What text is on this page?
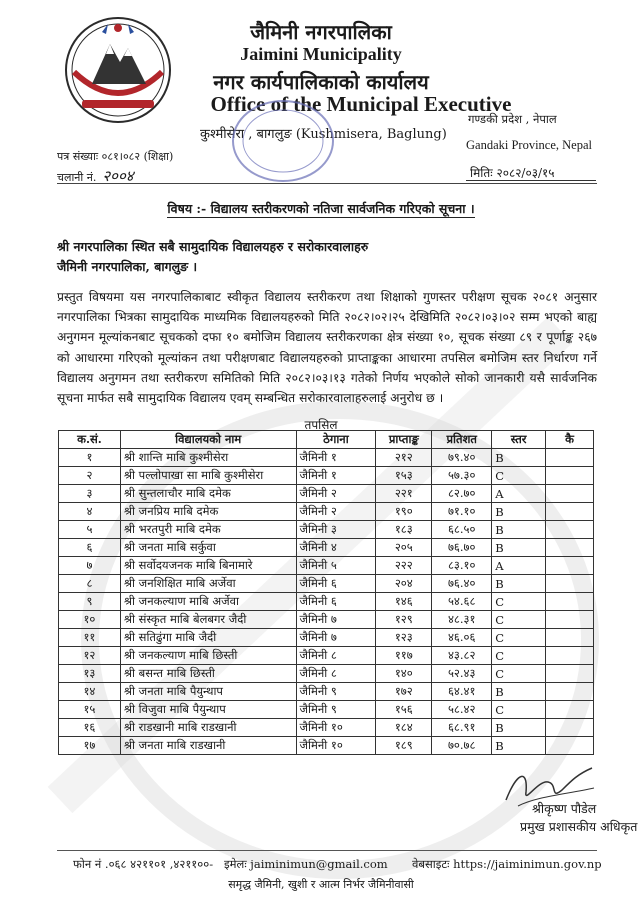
जैमिनी नगरपालिका
Jaimini Municipality
नगर कार्यपालिकाको कार्यालय
Office of the Municipal Executive
कुश्मीसेरा , बागलुङ (Kushmisera, Baglung)
गण्डकी प्रदेश , नेपाल
Gandaki Province, Nepal
पत्र संख्याः ०८१।०८२ (शिक्षा)
चलानी नं. २००४	मितिः २०८२/०३/१५
विषय :- विद्यालय स्तरीकरणको नतिजा सार्वजनिक गरिएको सूचना ।
श्री नगरपालिका स्थित सबै सामुदायिक विद्यालयहरु र सरोकारवालाहरु
जैमिनी नगरपालिका, बागलुङ ।
प्रस्तुत विषयमा यस नगरपालिकाबाट स्वीकृत विद्यालय स्तरीकरण तथा शिक्षाको गुणस्तर परीक्षण सूचक २०८१ अनुसार नगरपालिका भित्रका सामुदायिक माध्यमिक विद्यालयहरुको मिति २०८२।०२।२५ देखिमिति २०८२।०३।०२ सम्म भएको बाह्य अनुगमन मूल्यांकनबाट सूचकको दफा १० बमोजिम विद्यालय स्तरीकरणका क्षेत्र संख्या १०, सूचक संख्या ८९ र पूर्णाङ्क २६७ को आधारमा गरिएको मूल्यांकन तथा परीक्षणबाट विद्यालयहरुको प्राप्ताङ्कका आधारमा तपसिल बमोजिम स्तर निर्धारण गर्ने विद्यालय अनुगमन तथा स्तरीकरण समितिको मिति २०८२।०३।१३ गतेको निर्णय भएकोले सोको जानकारी यसै सार्वजनिक सूचना मार्फत सबै सामुदायिक विद्यालय एवम् सम्बन्धित सरोकारवालाहरुलाई अनुरोध छ ।
तपसिल
क.सं.	विद्यालयको नाम	ठेगाना	प्राप्ताङ्क	प्रतिशत	स्तर	कै
१	श्री शान्ति माबि कुश्मीसेरा	जैमिनी १	२१२	७९.४०	B	
२	श्री पल्लोपाखा सा माबि कुश्मीसेरा	जैमिनी १	१५३	५७.३०	C	
३	श्री सुन्तलाचौर माबि दमेक	जैमिनी २	२२१	८२.७०	A	
४	श्री जनप्रिय माबि दमेक	जैमिनी २	१९०	७१.१०	B	
५	श्री भरतपुरी माबि दमेक	जैमिनी ३	१८३	६८.५०	B	
६	श्री जनता माबि सर्कुवा	जैमिनी ४	२०५	७६.७०	B	
७	श्री सर्वोदयजनक माबि बिनामारे	जैमिनी ५	२२२	८३.१०	A	
८	श्री जनशिक्षित माबि अर्जेवा	जैमिनी ६	२०४	७६.४०	B	
९	श्री जनकल्याण माबि अर्जेवा	जैमिनी ६	१४६	५४.६८	C	
१०	श्री संस्कृत माबि बेलबगर जैदी	जैमिनी ७	१२९	४८.३१	C	
११	श्री सतिढुंगा माबि जैदी	जैमिनी ७	१२३	४६.०६	C	
१२	श्री जनकल्याण माबि छिस्ती	जैमिनी ८	११७	४३.८२	C	
१३	श्री बसन्त माबि छिस्ती	जैमिनी ८	१४०	५२.४३	C	
१४	श्री जनता माबि पैयुन्थाप	जैमिनी ९	१७२	६४.४१	B	
१५	श्री विजुवा माबि पैयुन्थाप	जैमिनी ९	१५६	५८.४२	C	
१६	श्री राडखानी माबि राडखानी	जैमिनी १०	१८४	६८.९१	B	
१७	श्री जनता माबि राडखानी	जैमिनी १०	१८९	७०.७८	B	
श्रीकृष्ण पौडेल
प्रमुख प्रशासकीय अधिकृत
फोन नं .०६८ ४२११०१ ,४२११००- इमेलः jaiminimun@gmail.com वेबसाइटः https://jaiminimun.gov.np
समृद्ध जैमिनी, खुशी र आत्म निर्भर जैमिनीवासी
